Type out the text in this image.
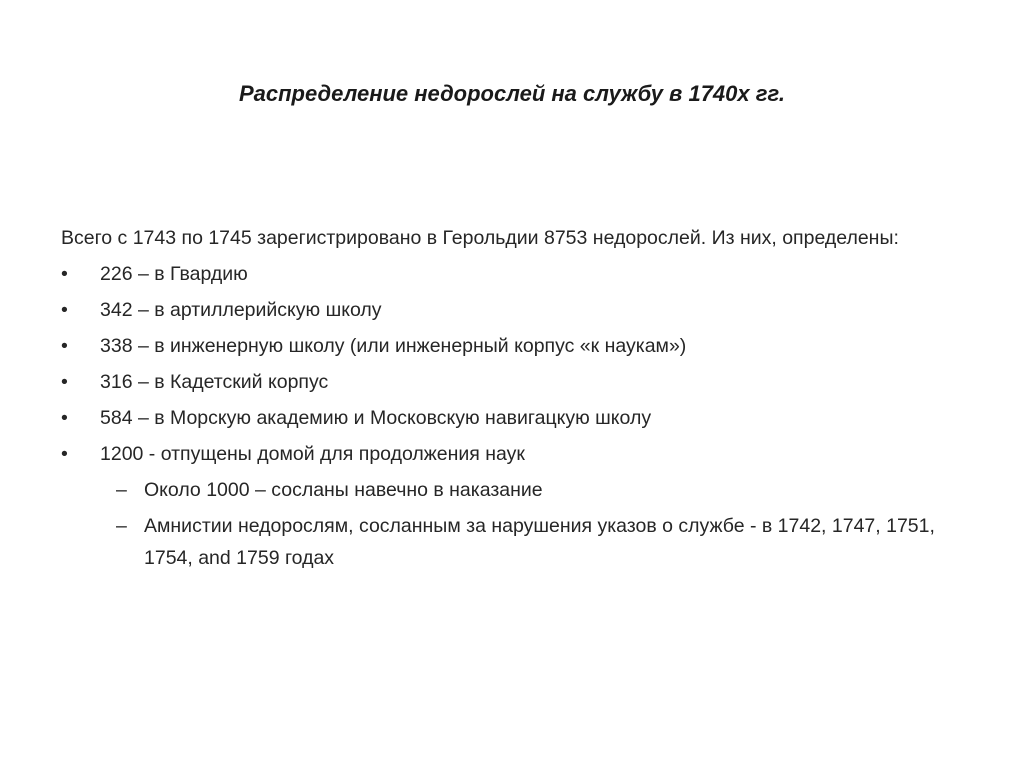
Распределение недорослей на службу в 1740х гг.

Всего с 1743 по 1745 зарегистрировано в Герольдии 8753 недорослей. Из них, определены:

•	226 – в Гвардию
•	342 – в артиллерийскую школу
•	338 – в инженерную школу (или инженерный корпус «к наукам»)
•	316 – в Кадетский корпус
•	584 – в Морскую академию и Московскую навигацкую школу
•	1200 - отпущены домой для продолжения наук
– Около 1000 – сосланы навечно в наказание
– Амнистии недорослям, сосланным за нарушения указов о службе - в 1742, 1747, 1751, 1754, and 1759 годах
